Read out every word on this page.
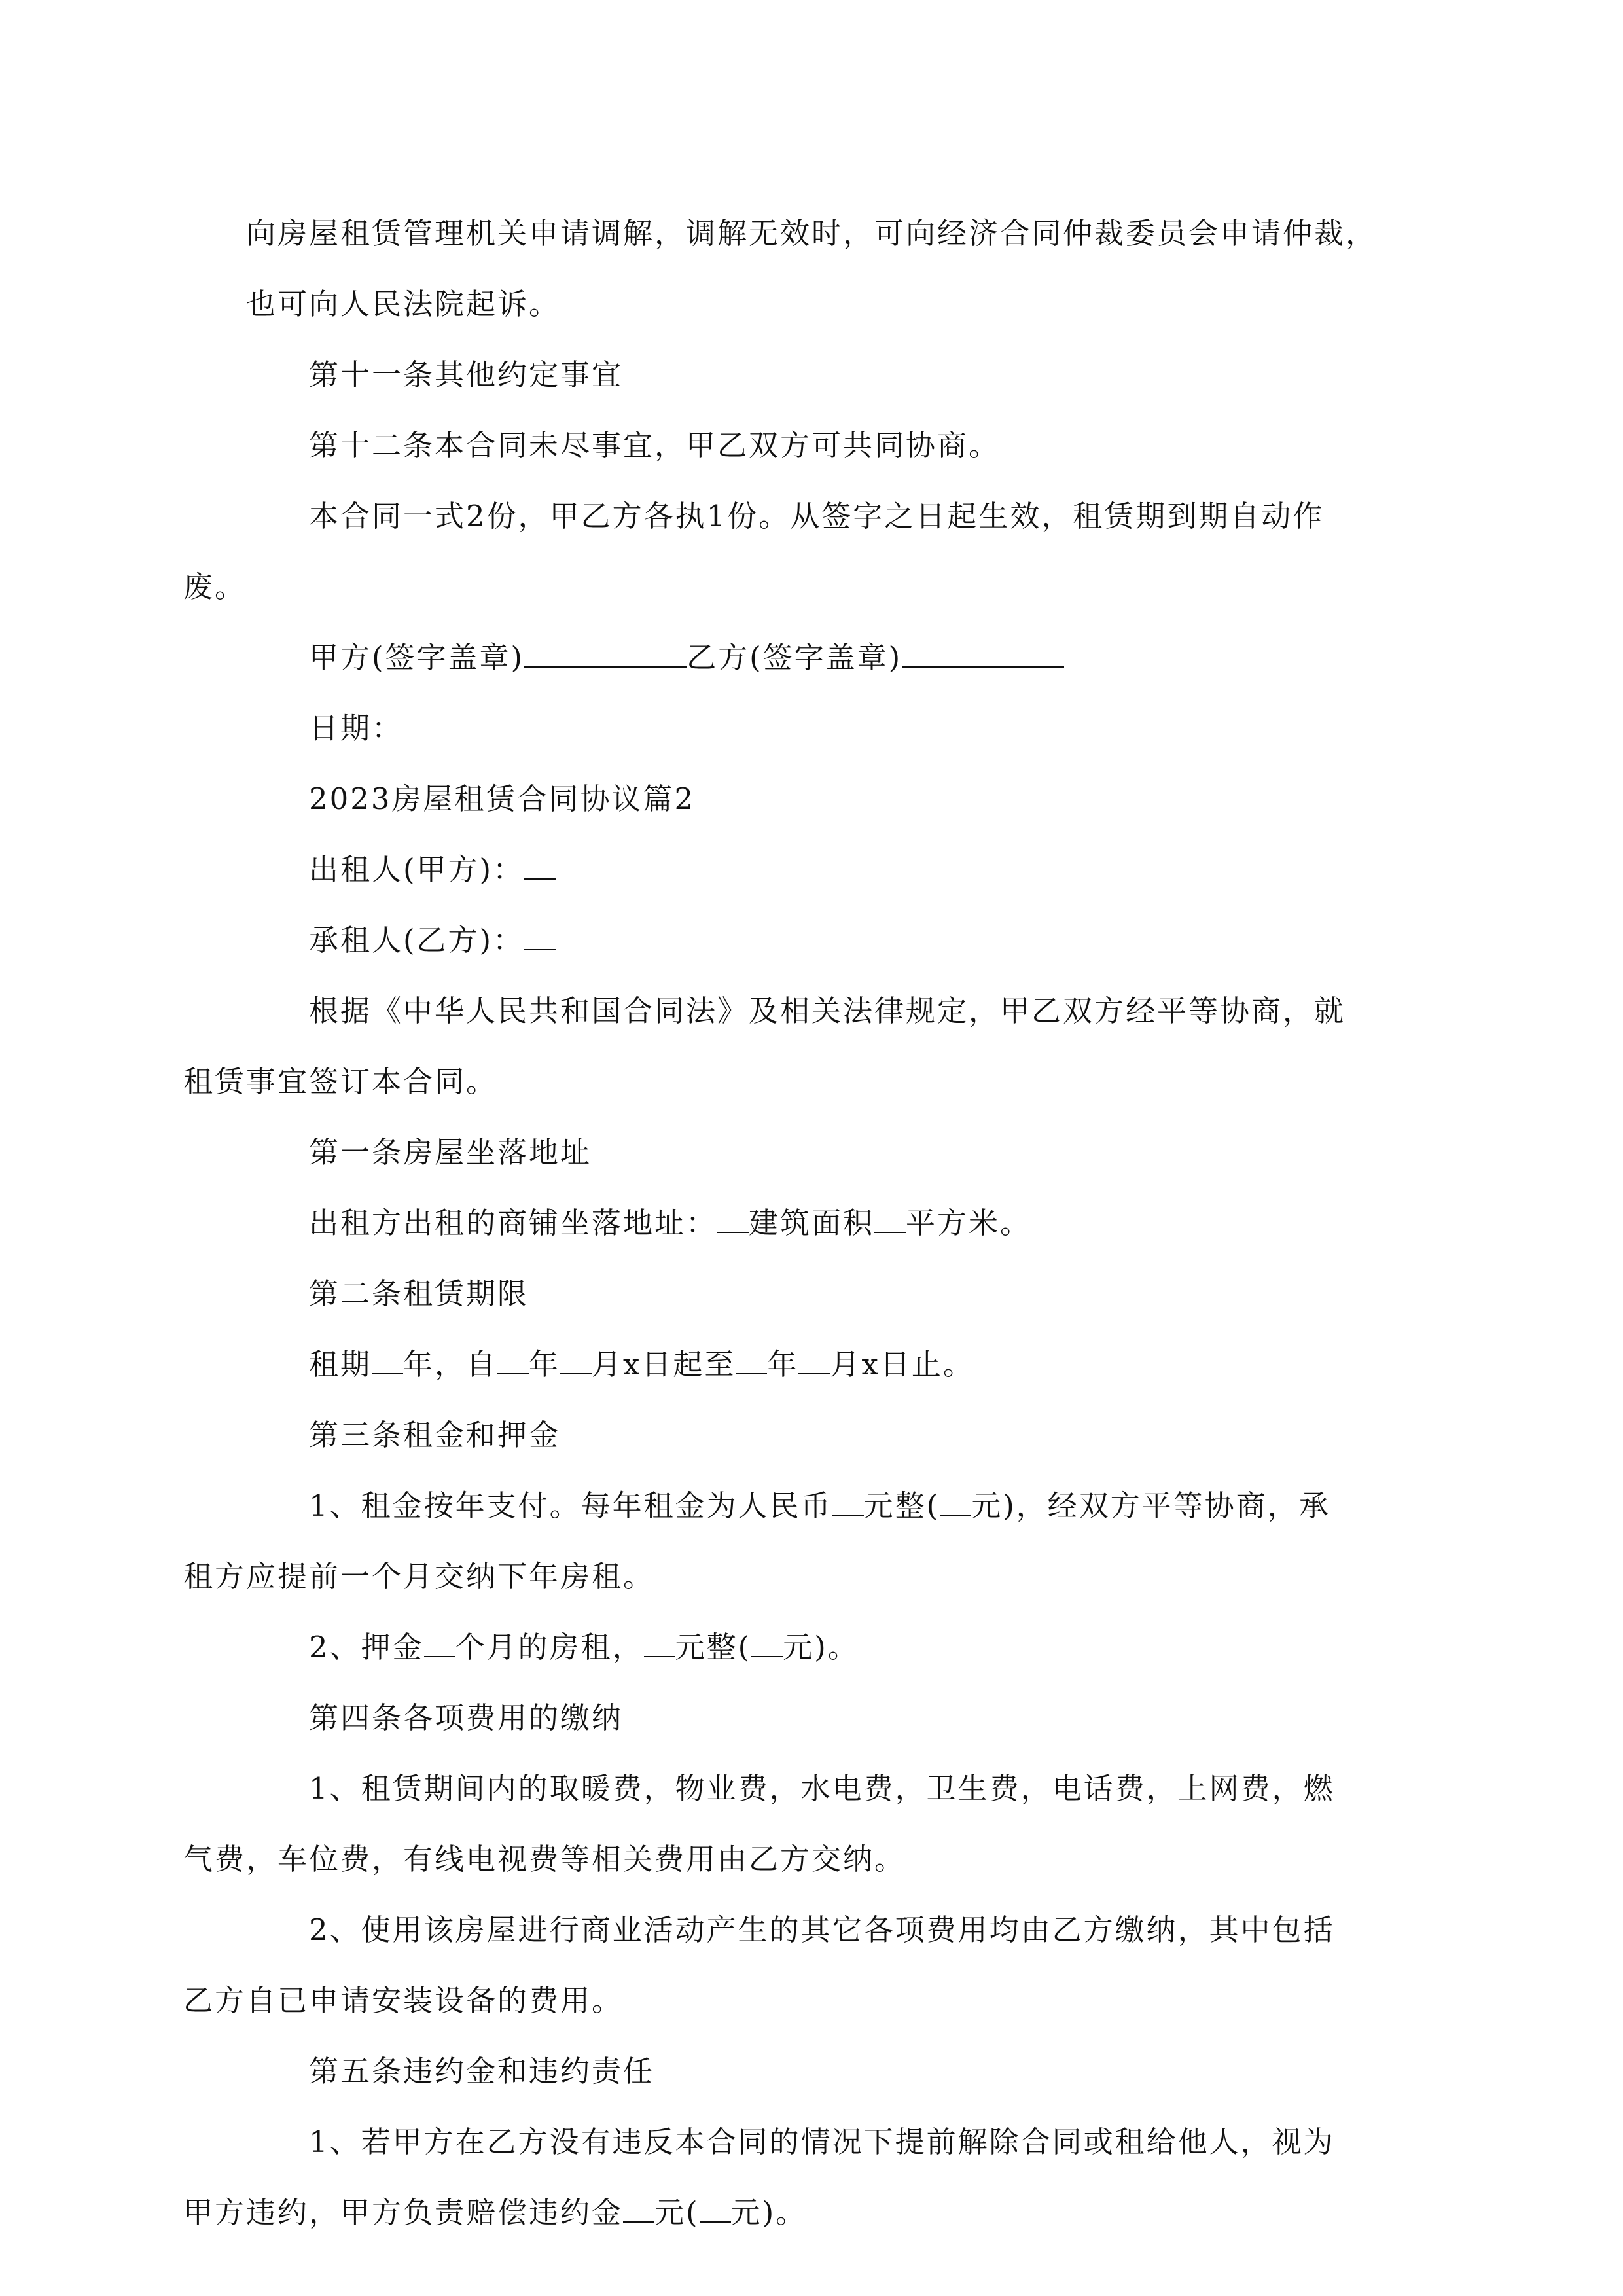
向房屋租赁管理机关申请调解，调解无效时，可向经济合同仲裁委员会申请仲裁，
也可向人民法院起诉。

第十一条其他约定事宜

第十二条本合同未尽事宜，甲乙双方可共同协商。

本合同一式2份，甲乙方各执1份。从签字之日起生效，租赁期到期自动作
废。

甲方(签字盖章)	乙方(签字盖章)

日期：

2023房屋租赁合同协议篇2

出租人(甲方)：

承租人(乙方)：

根据《中华人民共和国合同法》及相关法律规定，甲乙双方经平等协商，就
租赁事宜签订本合同。

第一条房屋坐落地址

出租方出租的商铺坐落地址： 建筑面积 平方米。

第二条租赁期限

租期 年，自 年 月x日起至 年 月x日止。

第三条租金和押金

1、租金按年支付。每年租金为人民币 元整( 元)，经双方平等协商，承
租方应提前一个月交纳下年房租。

2、押金 个月的房租， 元整( 元)。

第四条各项费用的缴纳

1、租赁期间内的取暖费，物业费，水电费，卫生费，电话费，上网费，燃
气费，车位费，有线电视费等相关费用由乙方交纳。

2、使用该房屋进行商业活动产生的其它各项费用均由乙方缴纳，其中包括
乙方自已申请安装设备的费用。

第五条违约金和违约责任

1、若甲方在乙方没有违反本合同的情况下提前解除合同或租给他人，视为
甲方违约，甲方负责赔偿违约金 元( 元)。
